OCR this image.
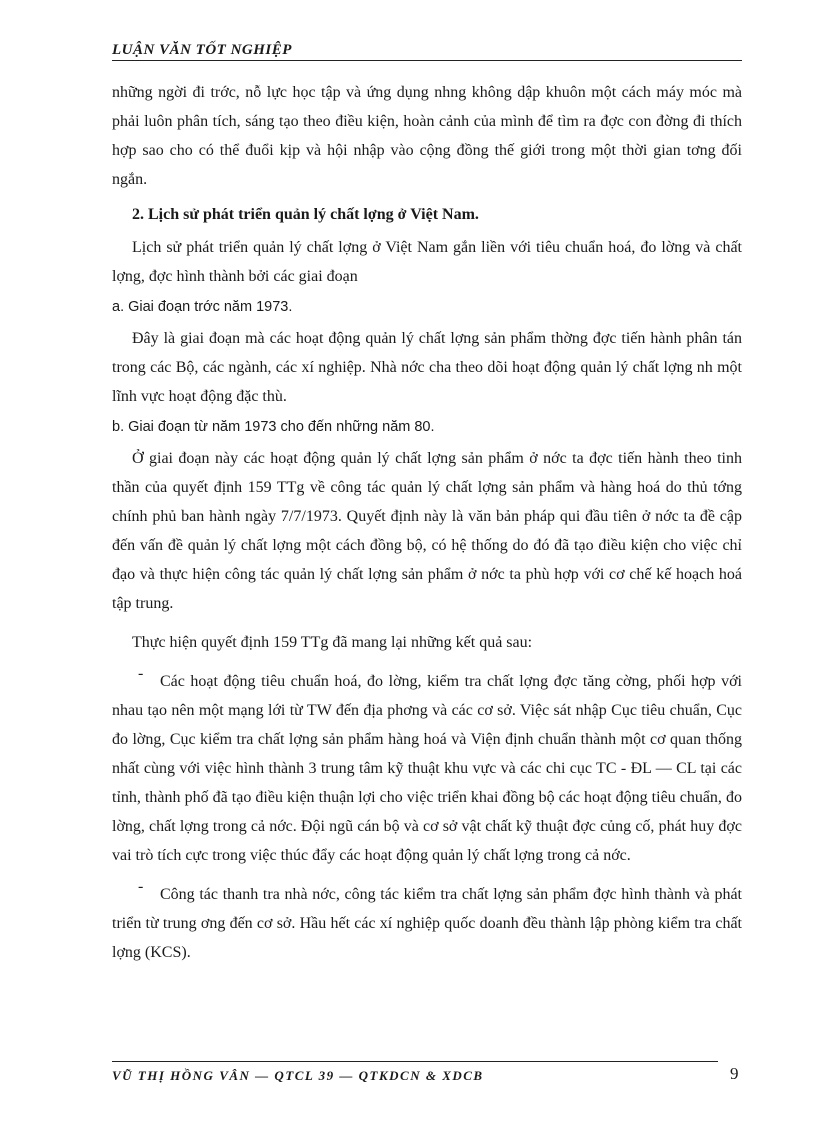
LUẬN VĂN TỐT NGHIỆP

những ngời đi trớc, nỗ lực học tập và ứng dụng nhng không dập khuôn một cách máy móc mà phải luôn phân tích, sáng tạo theo điều kiện, hoàn cảnh của mình để tìm ra đợc con đờng đi thích hợp sao cho có thể đuổi kịp và hội nhập vào cộng đồng thế giới trong một thời gian tơng đối ngắn.

2. Lịch sử phát triển quản lý chất lợng ở Việt Nam.

Lịch sử phát triển quản lý chất lợng ở Việt Nam gắn liền với tiêu chuẩn hoá, đo lờng và chất lợng, đợc hình thành bởi các giai đoạn

a. Giai đoạn trớc năm 1973.

Đây là giai đoạn mà các hoạt động quản lý chất lợng sản phẩm thờng đợc tiến hành phân tán trong các Bộ, các ngành, các xí nghiệp. Nhà nớc cha theo dõi hoạt động quản lý chất lợng nh một lĩnh vực hoạt động đặc thù.

b. Giai đoạn từ năm 1973 cho đến những năm 80.

Ở giai đoạn này các hoạt động quản lý chất lợng sản phẩm ở nớc ta đợc tiến hành theo tinh thần của quyết định 159 TTg về công tác quản lý chất lợng sản phẩm và hàng hoá do thủ tớng chính phủ ban hành ngày 7/7/1973. Quyết định này là văn bản pháp qui đầu tiên ở nớc ta đề cập đến vấn đề quản lý chất lợng một cách đồng bộ, có hệ thống do đó đã tạo điều kiện cho việc chỉ đạo và thực hiện công tác quản lý chất lợng sản phẩm ở nớc ta phù hợp với cơ chế kế hoạch hoá tập trung.

Thực hiện quyết định 159 TTg đã mang lại những kết quả sau:

-	Các hoạt động tiêu chuẩn hoá, đo lờng, kiểm tra chất lợng đợc tăng cờng, phối hợp với nhau tạo nên một mạng lới từ TW đến địa phơng và các cơ sở. Việc sát nhập Cục tiêu chuẩn, Cục đo lờng, Cục kiểm tra chất lợng sản phẩm hàng hoá và Viện định chuẩn thành một cơ quan thống nhất cùng với việc hình thành 3 trung tâm kỹ thuật khu vực và các chi cục TC - ĐL — CL tại các tỉnh, thành phố đã tạo điều kiện thuận lợi cho việc triển khai đồng bộ các hoạt động tiêu chuẩn, đo lờng, chất lợng trong cả nớc. Đội ngũ cán bộ và cơ sở vật chất kỹ thuật đợc củng cố, phát huy đợc vai trò tích cực trong việc thúc đẩy các hoạt động quản lý chất lợng trong cả nớc.

-	Công tác thanh tra nhà nớc, công tác kiểm tra chất lợng sản phẩm đợc hình thành và phát triển từ trung ơng đến cơ sở. Hầu hết các xí nghiệp quốc doanh đều thành lập phòng kiểm tra chất lợng (KCS).

VŨ THỊ HỒNG VÂN — QTCL 39 — QTKDCN & XDCB	9
